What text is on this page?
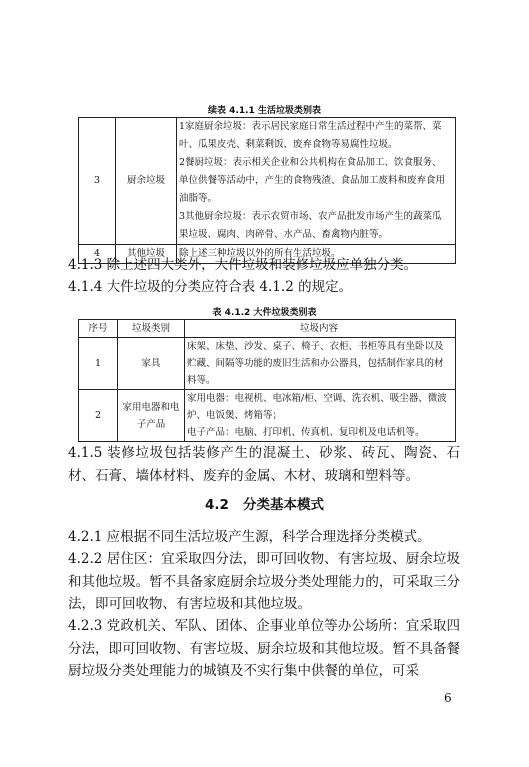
续表 4.1.1 生活垃圾类别表
3	厨余垃圾	1家庭厨余垃圾：表示居民家庭日常生活过程中产生的菜帮、菜叶、瓜果皮壳、剩菜剩饭、废弃食物等易腐性垃圾。
2餐厨垃圾：表示相关企业和公共机构在食品加工、饮食服务、单位供餐等活动中，产生的食物残渣、食品加工废料和废弃食用油脂等。
3其他厨余垃圾：表示农贸市场、农产品批发市场产生的蔬菜瓜果垃圾、腐肉、肉碎骨、水产品、畜禽物内脏等。

4	其他垃圾	除上述三种垃圾以外的所有生活垃圾。
4.1.3 除上述四大类外，大件垃圾和装修垃圾应单独分类。
4.1.4 大件垃圾的分类应符合表 4.1.2 的规定。
表 4.1.2 大件垃圾类别表
序号	垃圾类别	垃圾内容
1	家具	床架、床垫、沙发、桌子、椅子、衣柜、书柜等具有坐卧以及贮藏、间隔等功能的废旧生活和办公器具，包括制作家具的材料等。
2	家用电器和电子产品	家用电器：电视机、电冰箱/柜、空调、洗衣机、吸尘器、微波炉、电饭煲、烤箱等；
电子产品：电脑、打印机、传真机、复印机及电话机等。
4.1.5 装修垃圾包括装修产生的混凝土、砂浆、砖瓦、陶瓷、石材、石膏、墙体材料、废弃的金属、木材、玻璃和塑料等。
4.2 分类基本模式
4.2.1 应根据不同生活垃圾产生源，科学合理选择分类模式。
4.2.2 居住区：宜采取四分法，即可回收物、有害垃圾、厨余垃圾和其他垃圾。暂不具备家庭厨余垃圾分类处理能力的，可采取三分法，即可回收物、有害垃圾和其他垃圾。
4.2.3 党政机关、军队、团体、企事业单位等办公场所：宜采取四分法，即可回收物、有害垃圾、厨余垃圾和其他垃圾。暂不具备餐厨垃圾分类处理能力的城镇及不实行集中供餐的单位，可采
6
